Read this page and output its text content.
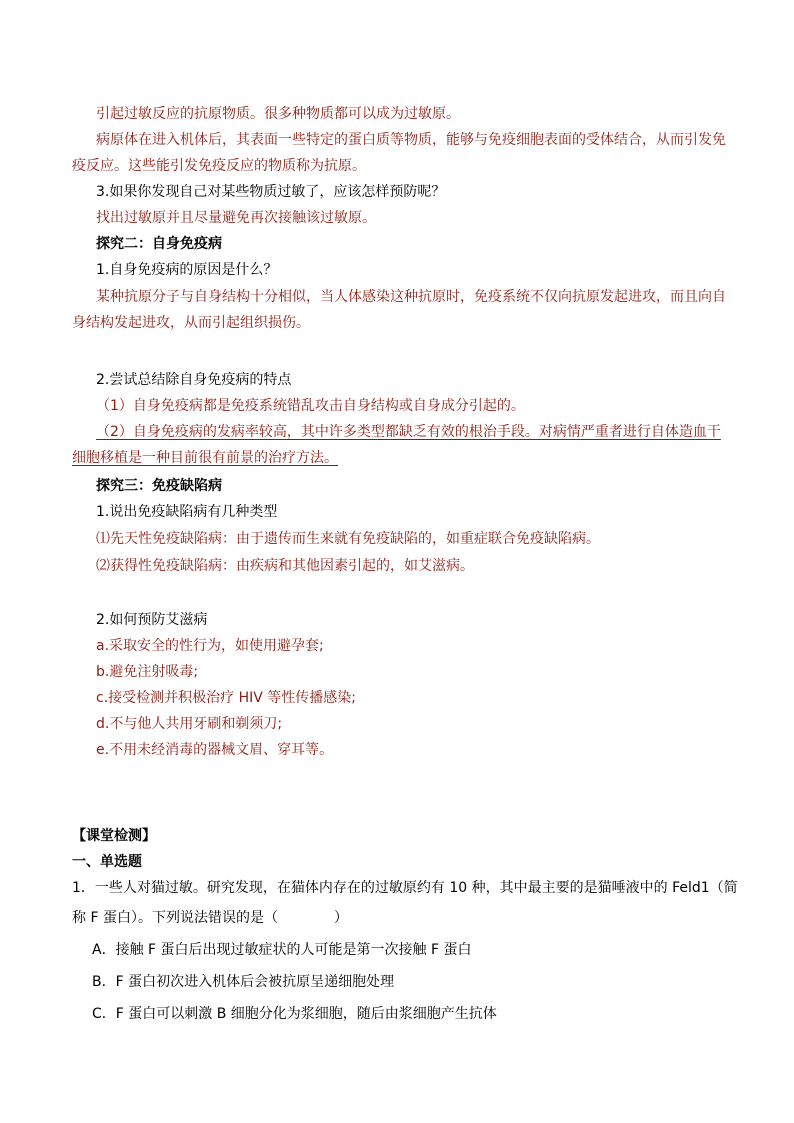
引起过敏反应的抗原物质。很多种物质都可以成为过敏原。
病原体在进入机体后，其表面一些特定的蛋白质等物质，能够与免疫细胞表面的受体结合，从而引发免
疫反应。这些能引发免疫反应的物质称为抗原。
3.如果你发现自己对某些物质过敏了，应该怎样预防呢？
找出过敏原并且尽量避免再次接触该过敏原。
探究二：自身免疫病
1.自身免疫病的原因是什么？
某种抗原分子与自身结构十分相似，当人体感染这种抗原时，免疫系统不仅向抗原发起进攻，而且向自
身结构发起进攻，从而引起组织损伤。
2.尝试总结除自身免疫病的特点
（1）自身免疫病都是免疫系统错乱攻击自身结构或自身成分引起的。
（2）自身免疫病的发病率较高，其中许多类型都缺乏有效的根治手段。对病情严重者进行自体造血干
细胞移植是一种目前很有前景的治疗方法。
探究三：免疫缺陷病
1.说出免疫缺陷病有几种类型
⑴先天性免疫缺陷病：由于遗传而生来就有免疫缺陷的，如重症联合免疫缺陷病。
⑵获得性免疫缺陷病：由疾病和其他因素引起的，如艾滋病。
2.如何预防艾滋病
a.采取安全的性行为，如使用避孕套;
b.避免注射吸毒;
c.接受检测并积极治疗 HIV 等性传播感染;
d.不与他人共用牙刷和剃须刀;
e.不用未经消毒的器械文眉、穿耳等。
【课堂检测】
一、单选题
1．一些人对猫过敏。研究发现，在猫体内存在的过敏原约有 10 种，其中最主要的是猫唾液中的 Feld1（简
称 F 蛋白）。下列说法错误的是（　　　　）
A．接触 F 蛋白后出现过敏症状的人可能是第一次接触 F 蛋白
B．F 蛋白初次进入机体后会被抗原呈递细胞处理
C．F 蛋白可以刺激 B 细胞分化为浆细胞，随后由浆细胞产生抗体
